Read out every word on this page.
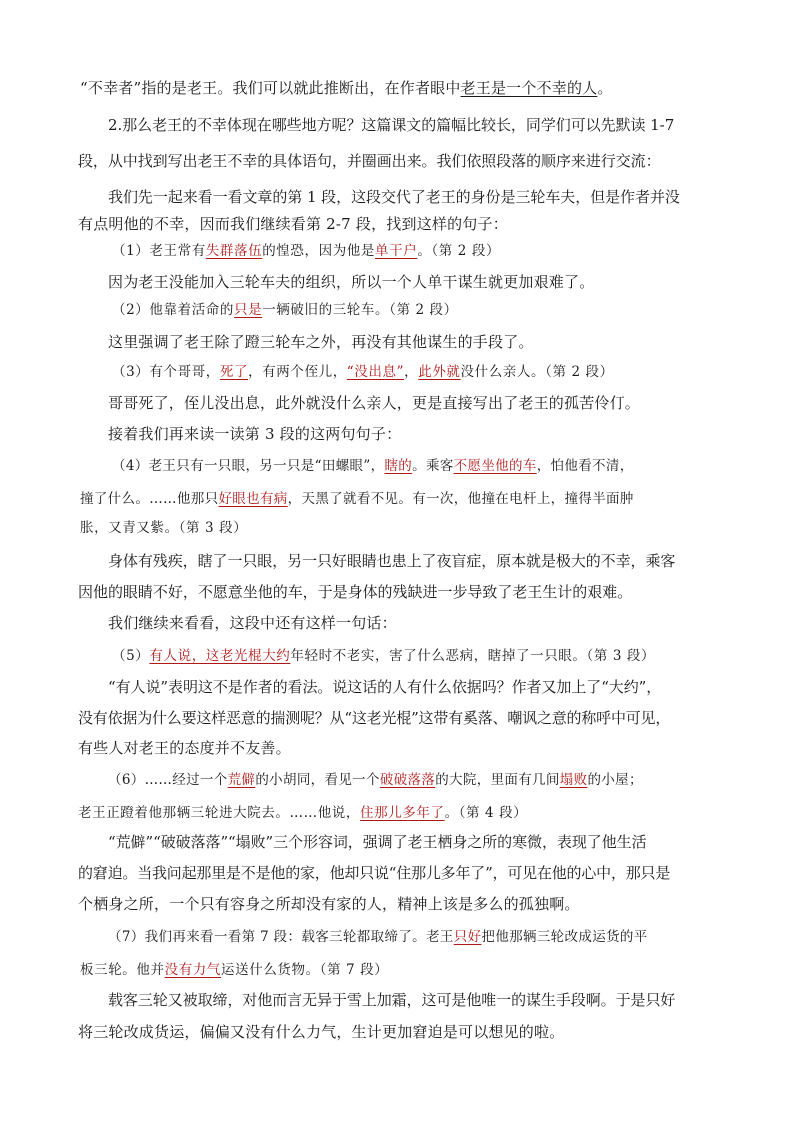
“不幸者”指的是老王。我们可以就此推断出，在作者眼中老王是一个不幸的人。
2.那么老王的不幸体现在哪些地方呢？这篇课文的篇幅比较长，同学们可以先默读 1-7
段，从中找到写出老王不幸的具体语句，并圈画出来。我们依照段落的顺序来进行交流：
我们先一起来看一看文章的第 1 段，这段交代了老王的身份是三轮车夫，但是作者并没
有点明他的不幸，因而我们继续看第 2-7 段，找到这样的句子：
（1）老王常有失群落伍的惶恐，因为他是单干户。（第 2 段）
因为老王没能加入三轮车夫的组织，所以一个人单干谋生就更加艰难了。
（2）他靠着活命的只是一辆破旧的三轮车。（第 2 段）
这里强调了老王除了蹬三轮车之外，再没有其他谋生的手段了。
（3）有个哥哥，死了，有两个侄儿，“没出息”，此外就没什么亲人。（第 2 段）
哥哥死了，侄儿没出息，此外就没什么亲人，更是直接写出了老王的孤苦伶仃。
接着我们再来读一读第 3 段的这两句句子：
（4）老王只有一只眼，另一只是“田螺眼”，瞎的。乘客不愿坐他的车，怕他看不清，
撞了什么。……他那只好眼也有病，天黑了就看不见。有一次，他撞在电杆上，撞得半面肿
胀，又青又紫。（第 3 段）
身体有残疾，瞎了一只眼，另一只好眼睛也患上了夜盲症，原本就是极大的不幸，乘客
因他的眼睛不好，不愿意坐他的车，于是身体的残缺进一步导致了老王生计的艰难。
我们继续来看看，这段中还有这样一句话：
（5）有人说，这老光棍大约年轻时不老实，害了什么恶病，瞎掉了一只眼。（第 3 段）
“有人说”表明这不是作者的看法。说这话的人有什么依据吗？作者又加上了“大约”，
没有依据为什么要这样恶意的揣测呢？从“这老光棍”这带有奚落、嘲讽之意的称呼中可见，
有些人对老王的态度并不友善。
（6）……经过一个荒僻的小胡同，看见一个破破落落的大院，里面有几间塌败的小屋；
老王正蹬着他那辆三轮进大院去。……他说，住那儿多年了。（第 4 段）
“荒僻”“破破落落”“塌败”三个形容词，强调了老王栖身之所的寒微，表现了他生活
的窘迫。当我问起那里是不是他的家，他却只说“住那儿多年了”，可见在他的心中，那只是
个栖身之所，一个只有容身之所却没有家的人，精神上该是多么的孤独啊。
（7）我们再来看一看第 7 段：载客三轮都取缔了。老王只好把他那辆三轮改成运货的平
板三轮。他并没有力气运送什么货物。（第 7 段）
载客三轮又被取缔，对他而言无异于雪上加霜，这可是他唯一的谋生手段啊。于是只好
将三轮改成货运，偏偏又没有什么力气，生计更加窘迫是可以想见的啦。
